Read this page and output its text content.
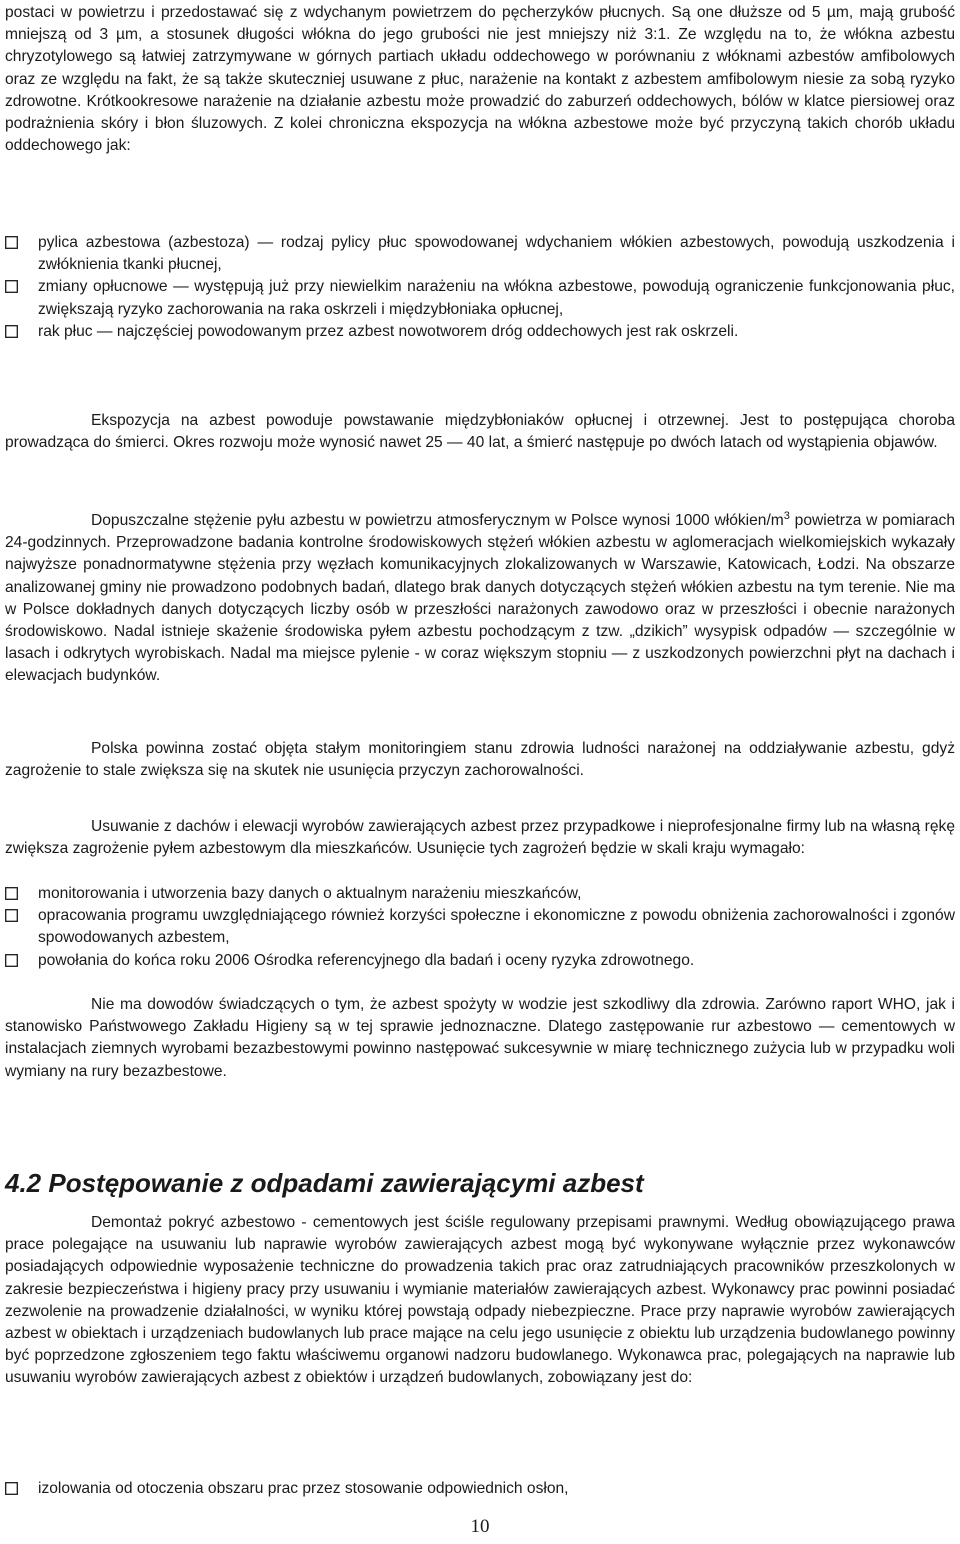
postaci w powietrzu i przedostawać się z wdychanym powietrzem do pęcherzyków płucnych. Są one dłuższe od 5 µm, mają grubość mniejszą od 3 µm, a stosunek długości włókna do jego grubości nie jest mniejszy niż 3:1. Ze względu na to, że włókna azbestu chryzotylowego są łatwiej zatrzymywane w górnych partiach układu oddechowego w porównaniu z włóknami azbestów amfibolowych oraz ze względu na fakt, że są także skuteczniej usuwane z płuc, narażenie na kontakt z azbestem amfibolowym niesie za sobą ryzyko zdrowotne. Krótkookresowe narażenie na działanie azbestu może prowadzić do zaburzeń oddechowych, bólów w klatce piersiowej oraz podrażnienia skóry i błon śluzowych. Z kolei chroniczna ekspozycja na włókna azbestowe może być przyczyną takich chorób układu oddechowego jak:

pylica azbestowa (azbestoza) — rodzaj pylicy płuc spowodowanej wdychaniem włókien azbestowych, powodują uszkodzenia i zwłóknienia tkanki płucnej,
zmiany opłucnowe — występują już przy niewielkim narażeniu na włókna azbestowe, powodują ograniczenie funkcjonowania płuc, zwiększają ryzyko zachorowania na raka oskrzeli i międzybłoniaka opłucnej,
rak płuc — najczęściej powodowanym przez azbest nowotworem dróg oddechowych jest rak oskrzeli.

Ekspozycja na azbest powoduje powstawanie międzybłoniaków opłucnej i otrzewnej. Jest to postępująca choroba prowadząca do śmierci. Okres rozwoju może wynosić nawet 25 — 40 lat, a śmierć następuje po dwóch latach od wystąpienia objawów.

Dopuszczalne stężenie pyłu azbestu w powietrzu atmosferycznym w Polsce wynosi 1000 włókien/$m^3$ powietrza w pomiarach 24-godzinnych. Przeprowadzone badania kontrolne środowiskowych stężeń włókien azbestu w aglomeracjach wielkomiejskich wykazały najwyższe ponadnormatywne stężenia przy węzłach komunikacyjnych zlokalizowanych w Warszawie, Katowicach, Łodzi. Na obszarze analizowanej gminy nie prowadzono podobnych badań, dlatego brak danych dotyczących stężeń włókien azbestu na tym terenie. Nie ma w Polsce dokładnych danych dotyczących liczby osób w przeszłości narażonych zawodowo oraz w przeszłości i obecnie narażonych środowiskowo. Nadal istnieje skażenie środowiska pyłem azbestu pochodzącym z tzw. „dzikich” wysypisk odpadów — szczególnie w lasach i odkrytych wyrobiskach. Nadal ma miejsce pylenie - w coraz większym stopniu — z uszkodzonych powierzchni płyt na dachach i elewacjach budynków.

Polska powinna zostać objęta stałym monitoringiem stanu zdrowia ludności narażonej na oddziaływanie azbestu, gdyż zagrożenie to stale zwiększa się na skutek nie usunięcia przyczyn zachorowalności.

Usuwanie z dachów i elewacji wyrobów zawierających azbest przez przypadkowe i nieprofesjonalne firmy lub na własną rękę zwiększa zagrożenie pyłem azbestowym dla mieszkańców. Usunięcie tych zagrożeń będzie w skali kraju wymagało:

monitorowania i utworzenia bazy danych o aktualnym narażeniu mieszkańców,
opracowania programu uwzględniającego również korzyści społeczne i ekonomiczne z powodu obniżenia zachorowalności i zgonów spowodowanych azbestem,
powołania do końca roku 2006 Ośrodka referencyjnego dla badań i oceny ryzyka zdrowotnego.

Nie ma dowodów świadczących o tym, że azbest spożyty w wodzie jest szkodliwy dla zdrowia. Zarówno raport WHO, jak i stanowisko Państwowego Zakładu Higieny są w tej sprawie jednoznaczne. Dlatego zastępowanie rur azbestowo — cementowych w instalacjach ziemnych wyrobami bezazbestowymi powinno następować sukcesywnie w miarę technicznego zużycia lub w przypadku woli wymiany na rury bezazbestowe.

4.2 Postępowanie z odpadami zawierającymi azbest

Demontaż pokryć azbestowo - cementowych jest ściśle regulowany przepisami prawnymi. Według obowiązującego prawa prace polegające na usuwaniu lub naprawie wyrobów zawierających azbest mogą być wykonywane wyłącznie przez wykonawców posiadających odpowiednie wyposażenie techniczne do prowadzenia takich prac oraz zatrudniających pracowników przeszkolonych w zakresie bezpieczeństwa i higieny pracy przy usuwaniu i wymianie materiałów zawierających azbest. Wykonawcy prac powinni posiadać zezwolenie na prowadzenie działalności, w wyniku której powstają odpady niebezpieczne. Prace przy naprawie wyrobów zawierających azbest w obiektach i urządzeniach budowlanych lub prace mające na celu jego usunięcie z obiektu lub urządzenia budowlanego powinny być poprzedzone zgłoszeniem tego faktu właściwemu organowi nadzoru budowlanego. Wykonawca prac, polegających na naprawie lub usuwaniu wyrobów zawierających azbest z obiektów i urządzeń budowlanych, zobowiązany jest do:

izolowania od otoczenia obszaru prac przez stosowanie odpowiednich osłon,
10
